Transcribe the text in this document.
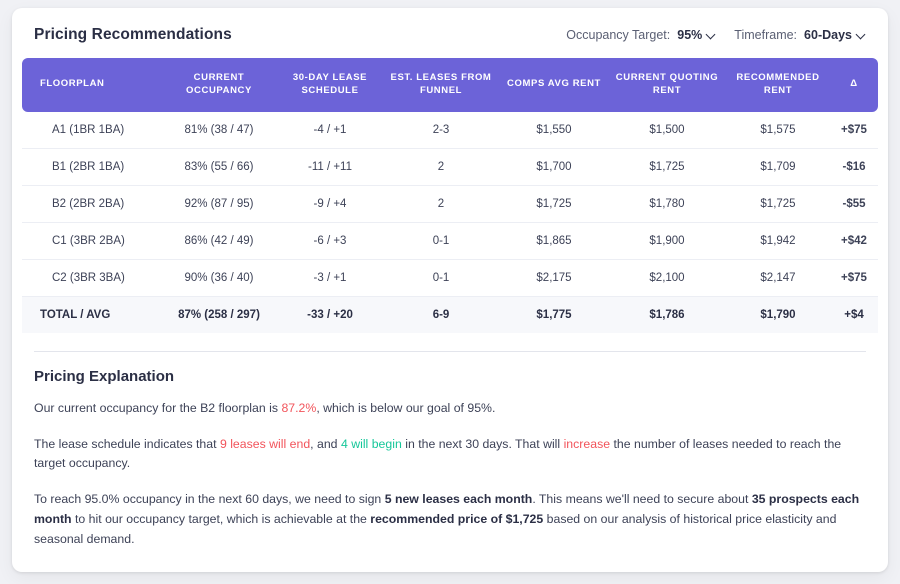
Pricing Recommendations	Occupancy Target: 95%	Timeframe: 60-Days
FLOORPLAN	CURRENT OCCUPANCY	30-DAY LEASE SCHEDULE	EST. LEASES FROM FUNNEL	COMPS AVG RENT	CURRENT QUOTING RENT	RECOMMENDED RENT	Δ
A1 (1BR 1BA)	81% (38 / 47)	-4 / +1	2-3	$1,550	$1,500	$1,575	+$75
B1 (2BR 1BA)	83% (55 / 66)	-11 / +11	2	$1,700	$1,725	$1,709	-$16
B2 (2BR 2BA)	92% (87 / 95)	-9 / +4	2	$1,725	$1,780	$1,725	-$55
C1 (3BR 2BA)	86% (42 / 49)	-6 / +3	0-1	$1,865	$1,900	$1,942	+$42
C2 (3BR 3BA)	90% (36 / 40)	-3 / +1	0-1	$2,175	$2,100	$2,147	+$75
TOTAL / AVG	87% (258 / 297)	-33 / +20	6-9	$1,775	$1,786	$1,790	+$4
Pricing Explanation

Our current occupancy for the B2 floorplan is 87.2%, which is below our goal of 95%.

The lease schedule indicates that 9 leases will end, and 4 will begin in the next 30 days. That will increase the number of leases needed to reach the target occupancy.

To reach 95.0% occupancy in the next 60 days, we need to sign 5 new leases each month. This means we'll need to secure about 35 prospects each month to hit our occupancy target, which is achievable at the recommended price of $1,725 based on our analysis of historical price elasticity and seasonal demand.
